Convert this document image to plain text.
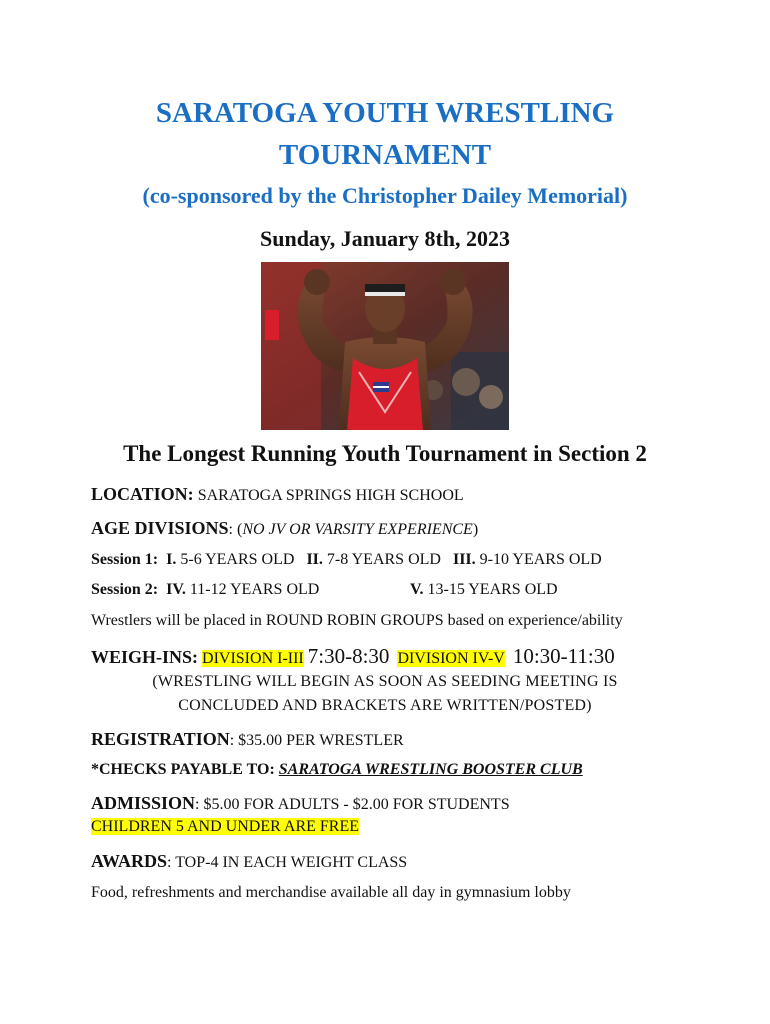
SARATOGA YOUTH WRESTLING
TOURNAMENT
(co-sponsored by the Christopher Dailey Memorial)
Sunday, January 8th, 2023
The Longest Running Youth Tournament in Section 2
LOCATION: SARATOGA SPRINGS HIGH SCHOOL
AGE DIVISIONS: (NO JV OR VARSITY EXPERIENCE)
Session 1: I. 5-6 YEARS OLD II. 7-8 YEARS OLD III. 9-10 YEARS OLD
Session 2: IV. 11-12 YEARS OLD	V. 13-15 YEARS OLD
Wrestlers will be placed in ROUND ROBIN GROUPS based on experience/ability
WEIGH-INS: DIVISION I-III 7:30-8:30 DIVISION IV-V 10:30-11:30
(WRESTLING WILL BEGIN AS SOON AS SEEDING MEETING IS
CONCLUDED AND BRACKETS ARE WRITTEN/POSTED)
REGISTRATION: $35.00 PER WRESTLER
*CHECKS PAYABLE TO: SARATOGA WRESTLING BOOSTER CLUB
ADMISSION: $5.00 FOR ADULTS - $2.00 FOR STUDENTS
CHILDREN 5 AND UNDER ARE FREE
AWARDS: TOP-4 IN EACH WEIGHT CLASS
Food, refreshments and merchandise available all day in gymnasium lobby
